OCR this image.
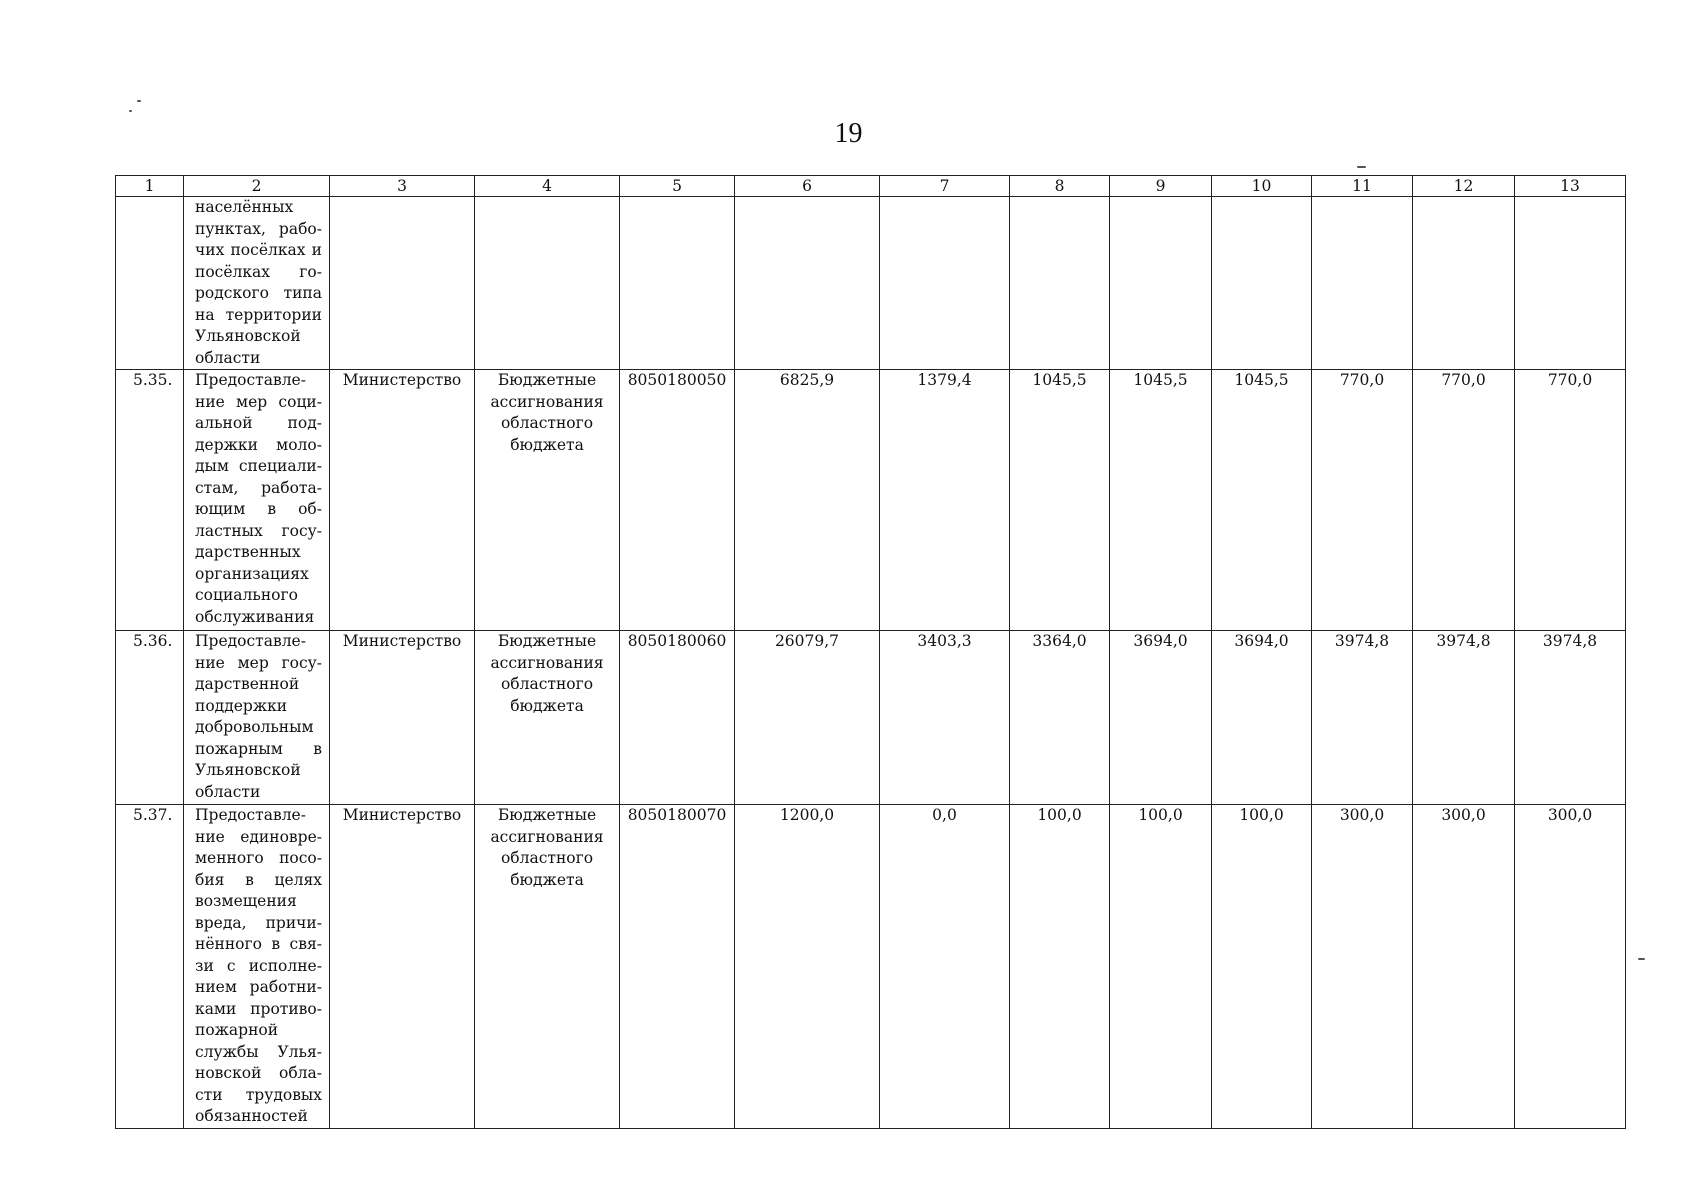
19
1	2	3	4	5	6	7	8	9	10	11	12	13
	населённых пунктах, рабочих посёлках и посёлках городского типа на территории Ульяновской области											
5.35.	Предоставление мер социальной поддержки молодым специалистам, работающим в областных государственных организациях социального обслуживания	Министерство	Бюджетные ассигнования областного бюджета	8050180050	6825,9	1379,4	1045,5	1045,5	1045,5	770,0	770,0	770,0
5.36.	Предоставление мер государственной поддержки добровольным пожарным в Ульяновской области	Министерство	Бюджетные ассигнования областного бюджета	8050180060	26079,7	3403,3	3364,0	3694,0	3694,0	3974,8	3974,8	3974,8
5.37.	Предоставление единовременного пособия в целях возмещения вреда, причинённого в связи с исполнением работниками противопожарной службы Ульяновской области трудовых обязанностей	Министерство	Бюджетные ассигнования областного бюджета	8050180070	1200,0	0,0	100,0	100,0	100,0	300,0	300,0	300,0
